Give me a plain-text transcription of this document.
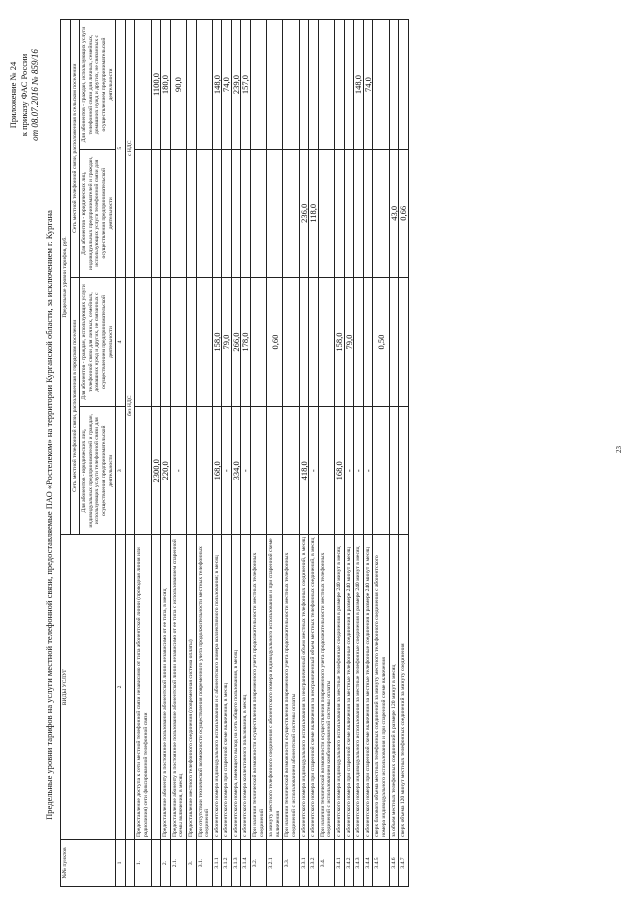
Приложение № 24 к приказу ФАС России от 08.07.2016 № 859/16
Предельные уровни тарифов на услуги местной телефонной связи, предоставляемые ПАО «Ростелеком» на территории Курганской области, за исключением г. Кургана
№№ пунктов	ВИДЫ УСЛУГ	Предельные уровни тарифов, руб.			
		Сеть местной телефонной связи, расположенная в городском поселении		Сеть местной телефонной связи, расположенная в сельском поселении	
		Для абонентов - юридических лиц, индивидуальных предпринимателей и граждан, использующих услуги телефонной связи для осуществления предпринимательской деятельности	Для абонентов - граждан, использующих услуги телефонной связи для личных, семейных, домашних нужд и других, не связанных с осуществлением предпринимательской деятельности	Для абонентов - юридических лиц, индивидуальных предпринимателей и граждан, использующих услуги телефонной связи для осуществления предпринимательской деятельности	Для абонентов - граждан, использующих услуги телефонной связи для личных, семейных, домашних нужд и других, не связанных с осуществлением предпринимательской деятельности
1	2	3	4	5	
		без НДС		с НДС	
1.	Предоставление доступа к сети местной телефонной связи независимо от типа абонентской линии (проводная линия или радиолиния) сети фиксированной телефонной связи				
		2300,0			1100,0
2.	Предоставление абоненту в постоянное пользование абонентской линии независимо от ее типа, в месяц	220,0			180,0
2.1.	Предоставление абоненту в постоянное пользование абонентской линии независимо от ее типа с использованием спаренной схемы включения, в месяц	-			90,0
3.	Предоставление местного телефонного соединения (повременная система оплаты)				
3.1.	При отсутствии технической возможности осуществления повременного учета продолжительности местных телефонных соединений				
3.1.1	с абонентского номера индивидуального использования и с абонентского номера коллективного пользования; в месяц	168,0	158,0		148,0
3.1.2	с абонентского номера при спаренной схеме включения, в месяц	-	79,0		74,0
3.1.3	с абонентского номера, имеющего выход на сеть общего пользования, в месяц	334,0	266,0		239,0
3.1.4	с абонентского номера коллективного пользования, в месяц	-	178,0		157,0
3.2.	При наличии технической возможности осуществления повременного учета продолжительности местных телефонных соединений				
3.2.1	за минуту местного телефонного соединения с абонентского номера индивидуального использования и при спаренной схеме включения		0,60		
3.3.	При наличии технической возможности осуществления повременного учета продолжительности местных телефонных соединений с использованием абонентской системы оплаты				
3.3.1	с абонентского номера индивидуального использования за неограниченный объем местных телефонных соединений, в месяц	418,0		236,0	
3.3.2	с абонентского номера при спаренной схеме включения за неограниченный объем местных телефонных соединений, в месяц	-		118,0	
3.4.	При наличии технической возможности осуществления повременного учета продолжительности местных телефонных соединений с использованием комбинированной системы оплаты				
3.4.1	с абонентского номера индивидуального использования за местные телефонные соединения в размере 240 минут в месяц	168,0	158,0		
3.4.2	с абонентского номера при спаренной схеме включения за местные телефонные соединения в размере 240 минут в месяц	-	79,0		
3.4.3	с абонентского номера индивидуального использования за местные телефонные соединения в размере 240 минут в месяц	-			148,0
3.4.4	с абонентского номера при спаренной схеме включения за местные телефонные соединения в размере 240 минут в месяц	-			74,0
3.4.5	сверх базового объема местных телефонных соединений за минуту местного телефонного соединения с абонентского номера индивидуального использования и при спаренной схеме включения		0,50		
3.4.6	за объем местных телефонных соединений в размере 120 минут в месяц			43,0	
3.4.7	сверх объема 120 минут местных телефонных соединений за минуту соединения			0,66	
23
